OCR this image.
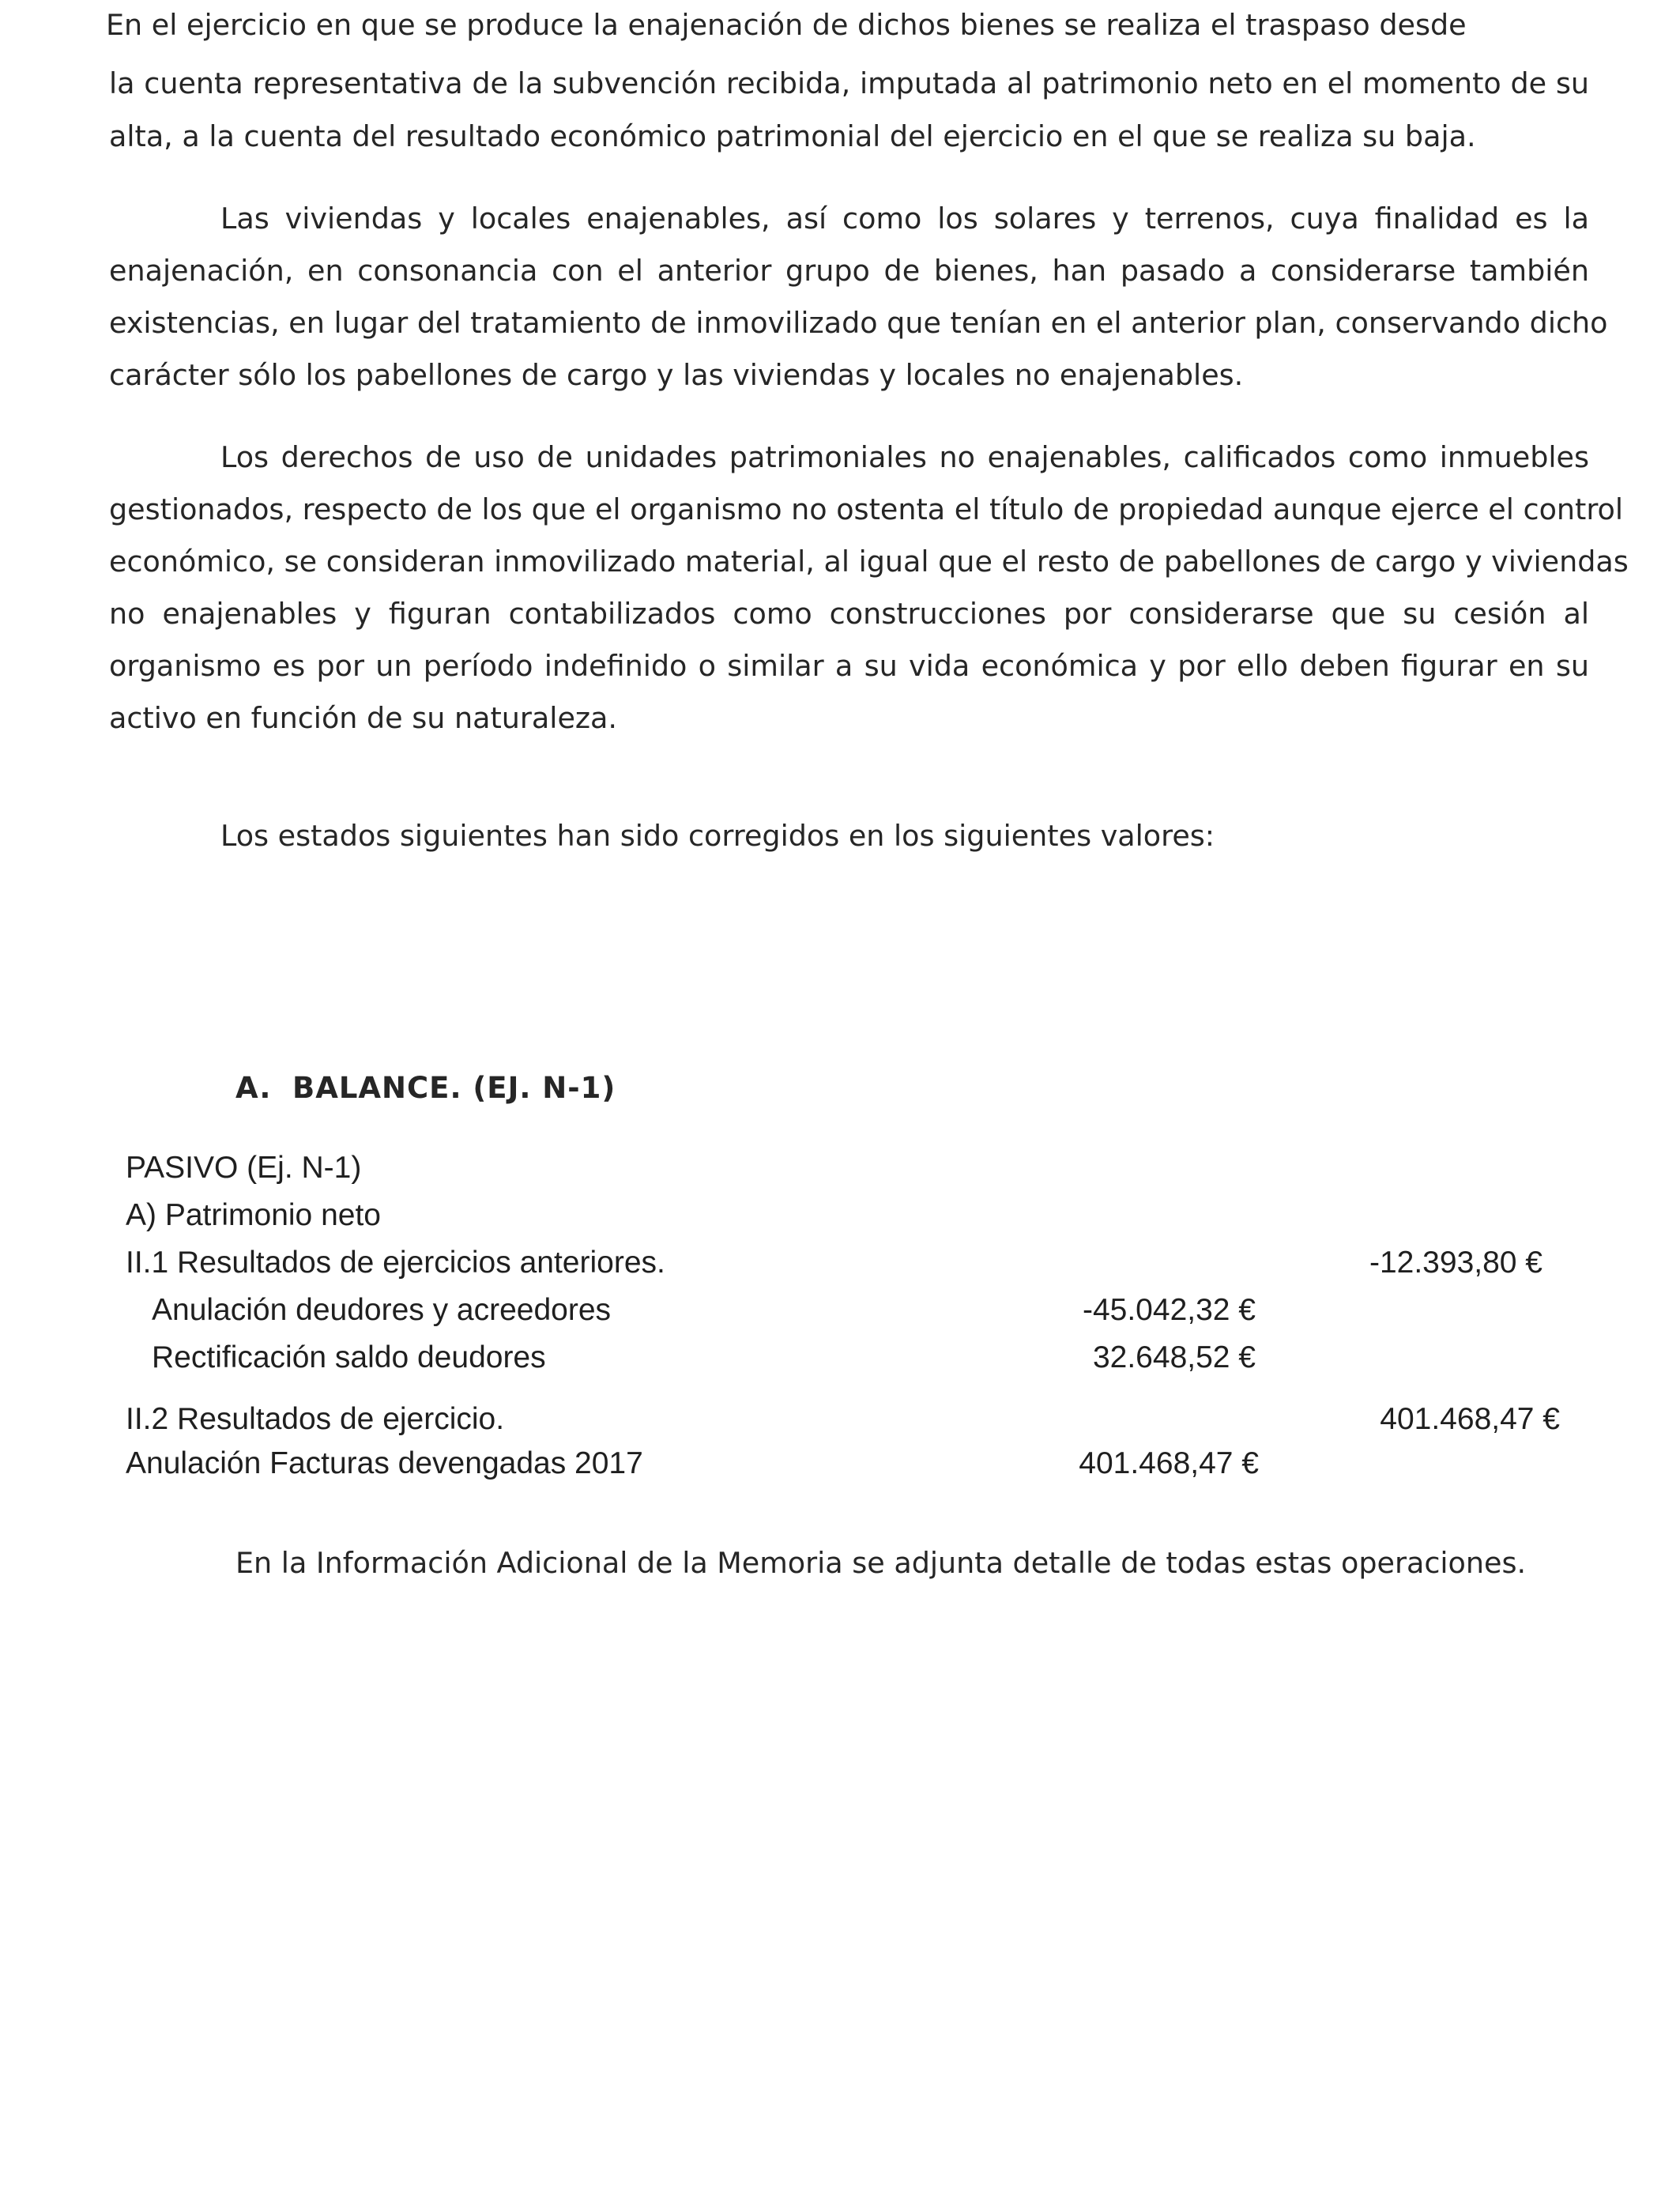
En el ejercicio en que se produce la enajenación de dichos bienes se realiza el traspaso desde
la cuenta representativa de la subvención recibida, imputada al patrimonio neto en el momento de su
alta, a la cuenta del resultado económico patrimonial del ejercicio en el que se realiza su baja.
Las viviendas y locales enajenables, así como los solares y terrenos, cuya finalidad es la
enajenación, en consonancia con el anterior grupo de bienes, han pasado a considerarse también
existencias, en lugar del tratamiento de inmovilizado que tenían en el anterior plan, conservando dicho
carácter sólo los pabellones de cargo y las viviendas y locales no enajenables.
Los derechos de uso de unidades patrimoniales no enajenables, calificados como inmuebles
gestionados, respecto de los que el organismo no ostenta el título de propiedad aunque ejerce el control
económico, se consideran inmovilizado material, al igual que el resto de pabellones de cargo y viviendas
no enajenables y figuran contabilizados como construcciones por considerarse que su cesión al
organismo es por un período indefinido o similar a su vida económica y por ello deben figurar en su
activo en función de su naturaleza.
Los estados siguientes han sido corregidos en los siguientes valores:
A. BALANCE. (EJ. N-1)
PASIVO (Ej. N-1)
A) Patrimonio neto
II.1 Resultados de ejercicios anteriores.	-12.393,80 €
Anulación deudores y acreedores	-45.042,32 €
Rectificación saldo deudores	32.648,52 €
II.2 Resultados de ejercicio.	401.468,47 €
Anulación Facturas devengadas 2017	401.468,47 €
En la Información Adicional de la Memoria se adjunta detalle de todas estas operaciones.
